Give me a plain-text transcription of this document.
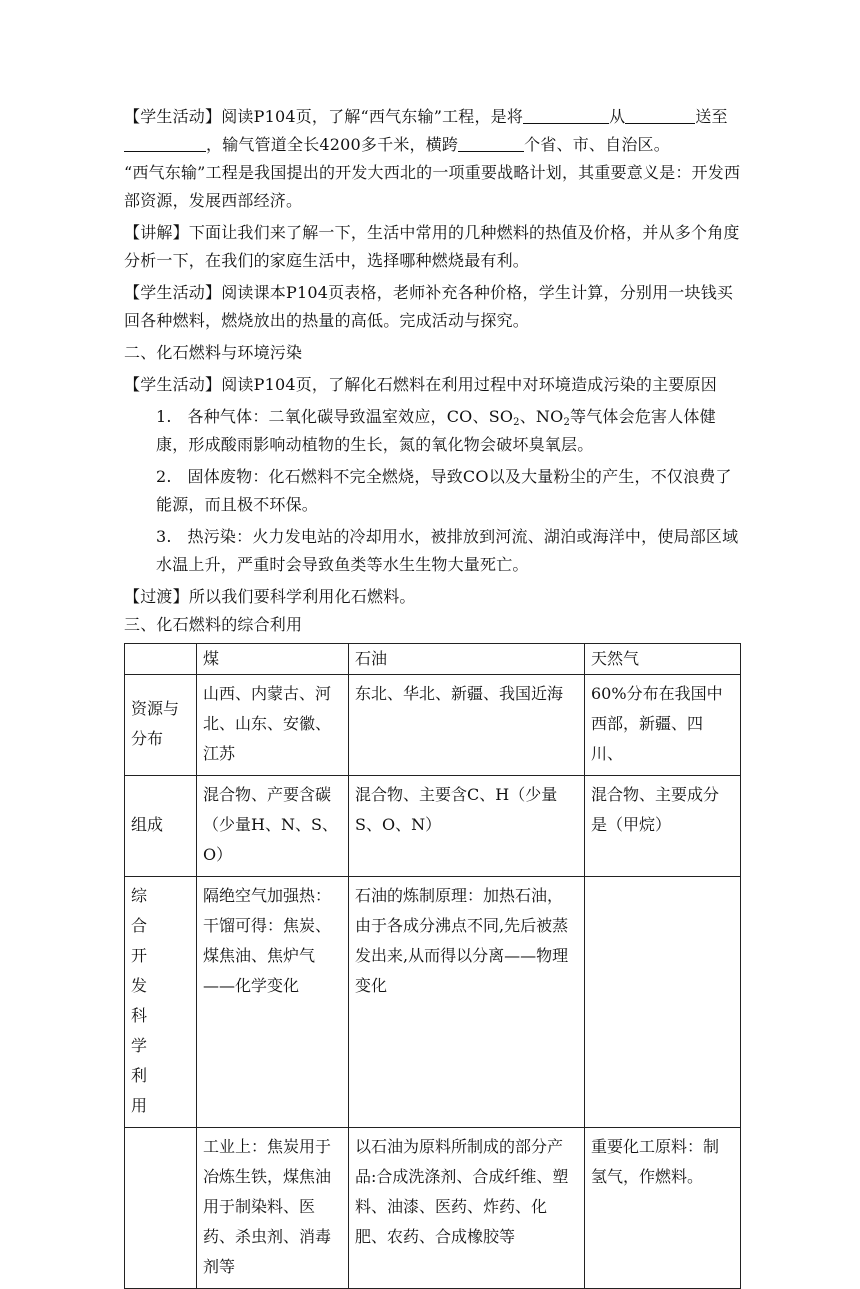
【学生活动】阅读P104页，了解“西气东输”工程，是将	从	送至，输气管道全长4200多千米，横跨	个省、市、自治区。

“西气东输”工程是我国提出的开发大西北的一项重要战略计划，其重要意义是：开发西部资源，发展西部经济。

【讲解】下面让我们来了解一下，生活中常用的几种燃料的热值及价格，并从多个角度分析一下，在我们的家庭生活中，选择哪种燃烧最有利。

【学生活动】阅读课本P104页表格，老师补充各种价格，学生计算，分别用一块钱买回各种燃料，燃烧放出的热量的高低。完成活动与探究。

二、化石燃料与环境污染

【学生活动】阅读P104页，了解化石燃料在利用过程中对环境造成污染的主要原因

1. 各种气体：二氧化碳导致温室效应，CO、$SO_2$、$NO_2$等气体会危害人体健康，形成酸雨影响动植物的生长，氮的氧化物会破坏臭氧层。

2. 固体废物：化石燃料不完全燃烧，导致CO以及大量粉尘的产生，不仅浪费了能源，而且极不环保。

3. 热污染：火力发电站的冷却用水，被排放到河流、湖泊或海洋中，使局部区域水温上升，严重时会导致鱼类等水生生物大量死亡。

【过渡】所以我们要科学利用化石燃料。

三、化石燃料的综合利用

	煤	石油	天然气
资源与分布	山西、内蒙古、河北、山东、安徽、江苏	东北、华北、新疆、我国近海	60%分布在我国中西部，新疆、四川、
组成	混合物、产要含碳（少量H、N、S、O）	混合物、主要含C、H（少量S、O、N）	混合物、主要成分是（甲烷）
综合开发科学利用	隔绝空气加强热：干馏可得：焦炭、煤焦油、焦炉气——化学变化	石油的炼制原理：加热石油，由于各成分沸点不同,先后被蒸发出来,从而得以分离——物理变化	
	工业上：焦炭用于冶炼生铁，煤焦油用于制染料、医药、杀虫剂、消毒剂等	以石油为原料所制成的部分产品:合成洗涤剂、合成纤维、塑料、油漆、医药、炸药、化肥、农药、合成橡胶等	重要化工原料：制氢气，作燃料。
